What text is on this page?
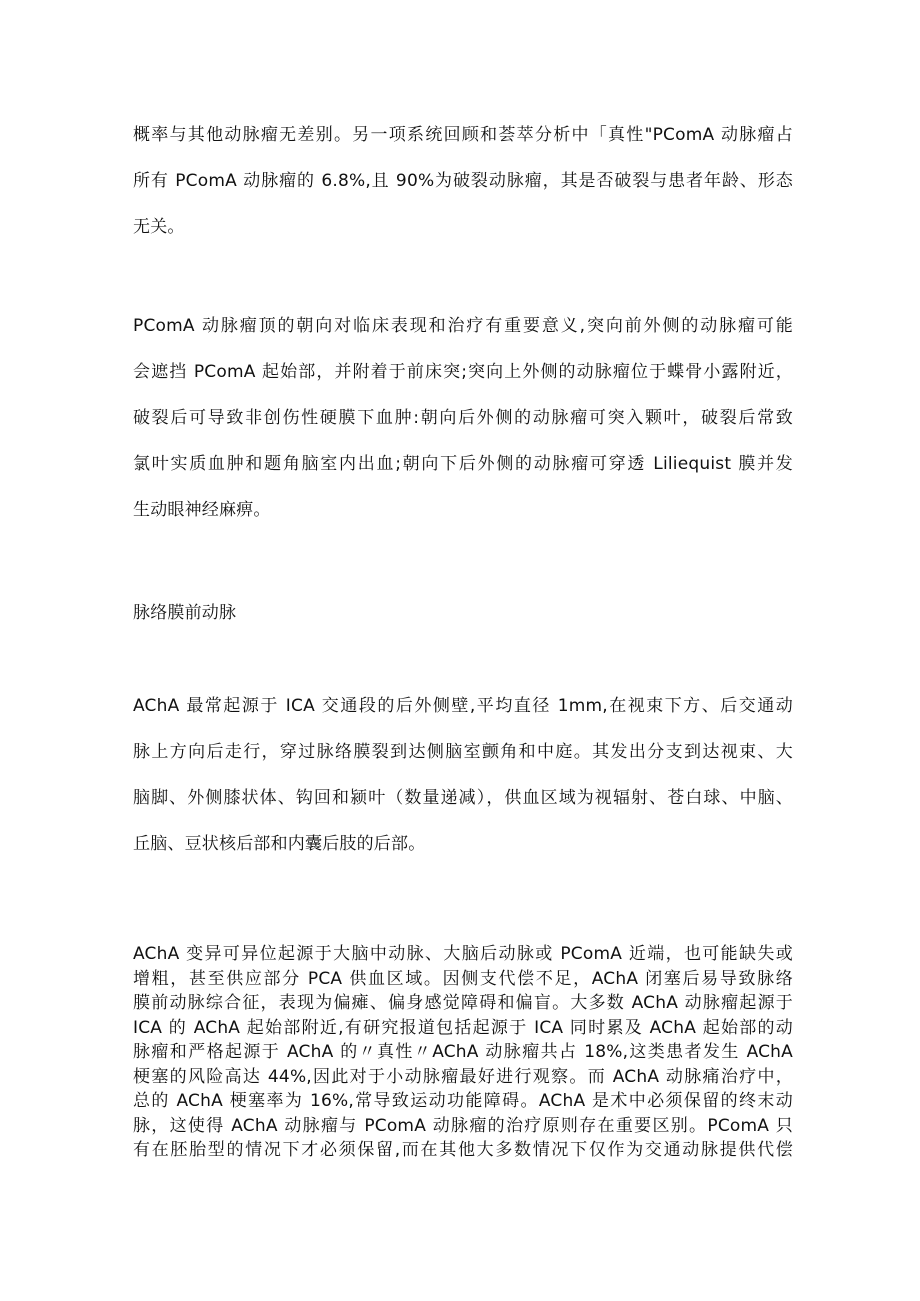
概率与其他动脉瘤无差别。另一项系统回顾和荟萃分析中「真性"PComA 动脉瘤占
所有 PComA 动脉瘤的 6.8%,且 90%为破裂动脉瘤，其是否破裂与患者年龄、形态
无关。
PComA 动脉瘤顶的朝向对临床表现和治疗有重要意义,突向前外侧的动脉瘤可能
会遮挡 PComA 起始部，并附着于前床突;突向上外侧的动脉瘤位于蝶骨小露附近，
破裂后可导致非创伤性硬膜下血肿:朝向后外侧的动脉瘤可突入颗叶，破裂后常致
氯叶实质血肿和题角脑室内出血;朝向下后外侧的动脉瘤可穿透 Liliequist 膜并发
生动眼神经麻痹。
脉络膜前动脉
AChA 最常起源于 ICA 交通段的后外侧壁,平均直径 1mm,在视束下方、后交通动
脉上方向后走行，穿过脉络膜裂到达侧脑室颤角和中庭。其发出分支到达视束、大
脑脚、外侧膝状体、钩回和颍叶（数量递减），供血区域为视辐射、苍白球、中脑、
丘脑、豆状核后部和内囊后肢的后部。
AChA 变异可异位起源于大脑中动脉、大脑后动脉或 PComA 近端，也可能缺失或
增粗，甚至供应部分 PCA 供血区域。因侧支代偿不足，AChA 闭塞后易导致脉络
膜前动脉综合征，表现为偏瘫、偏身感觉障碍和偏盲。大多数 AChA 动脉瘤起源于
ICA 的 AChA 起始部附近,有研究报道包括起源于 ICA 同时累及 AChA 起始部的动
脉瘤和严格起源于 AChA 的〃真性〃AChA 动脉瘤共占 18%,这类患者发生 AChA
梗塞的风险高达 44%,因此对于小动脉瘤最好进行观察。而 AChA 动脉痛治疗中，
总的 AChA 梗塞率为 16%,常导致运动功能障碍。AChA 是术中必须保留的终末动
脉，这使得 AChA 动脉瘤与 PComA 动脉瘤的治疗原则存在重要区别。PComA 只
有在胚胎型的情况下才必须保留,而在其他大多数情况下仅作为交通动脉提供代偿
